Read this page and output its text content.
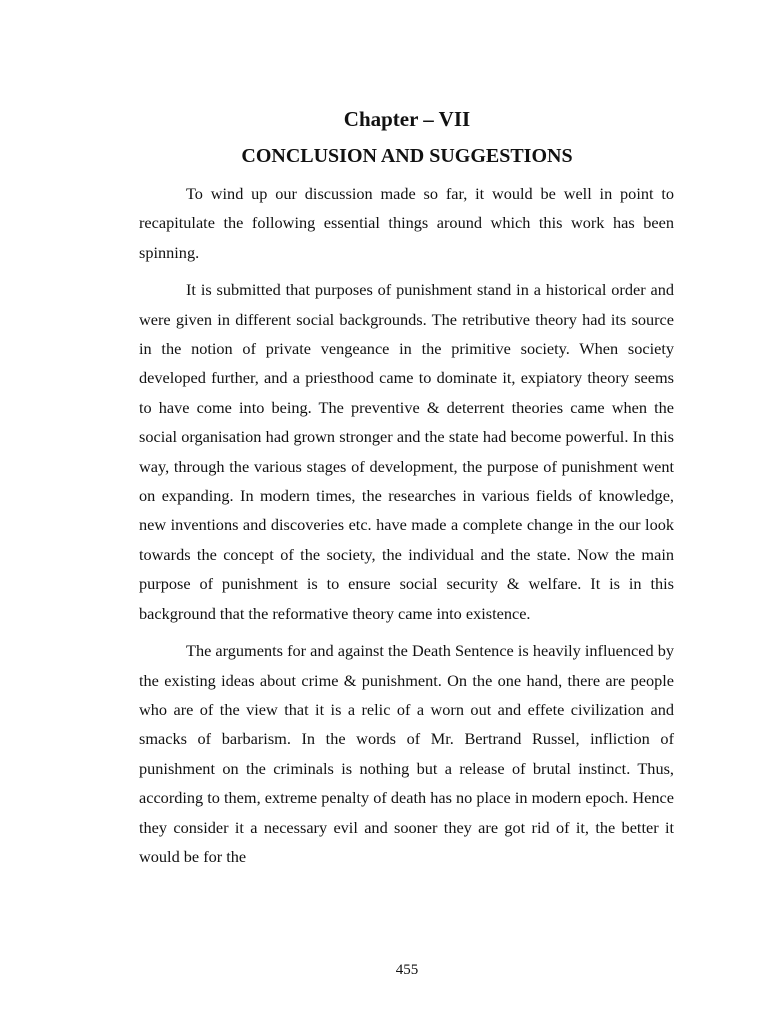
Chapter – VII
CONCLUSION AND SUGGESTIONS

To wind up our discussion made so far, it would be well in point to recapitulate the following essential things around which this work has been spinning.

It is submitted that purposes of punishment stand in a historical order and were given in different social backgrounds. The retributive theory had its source in the notion of private vengeance in the primitive society. When society developed further, and a priesthood came to dominate it, expiatory theory seems to have come into being. The preventive & deterrent theories came when the social organisation had grown stronger and the state had become powerful. In this way, through the various stages of development, the purpose of punishment went on expanding. In modern times, the researches in various fields of knowledge, new inventions and discoveries etc. have made a complete change in the our look towards the concept of the society, the individual and the state. Now the main purpose of punishment is to ensure social security & welfare. It is in this background that the reformative theory came into existence.

The arguments for and against the Death Sentence is heavily influenced by the existing ideas about crime & punishment. On the one hand, there are people who are of the view that it is a relic of a worn out and effete civilization and smacks of barbarism. In the words of Mr. Bertrand Russel, infliction of punishment on the criminals is nothing but a release of brutal instinct. Thus, according to them, extreme penalty of death has no place in modern epoch. Hence they consider it a necessary evil and sooner they are got rid of it, the better it would be for the

455
